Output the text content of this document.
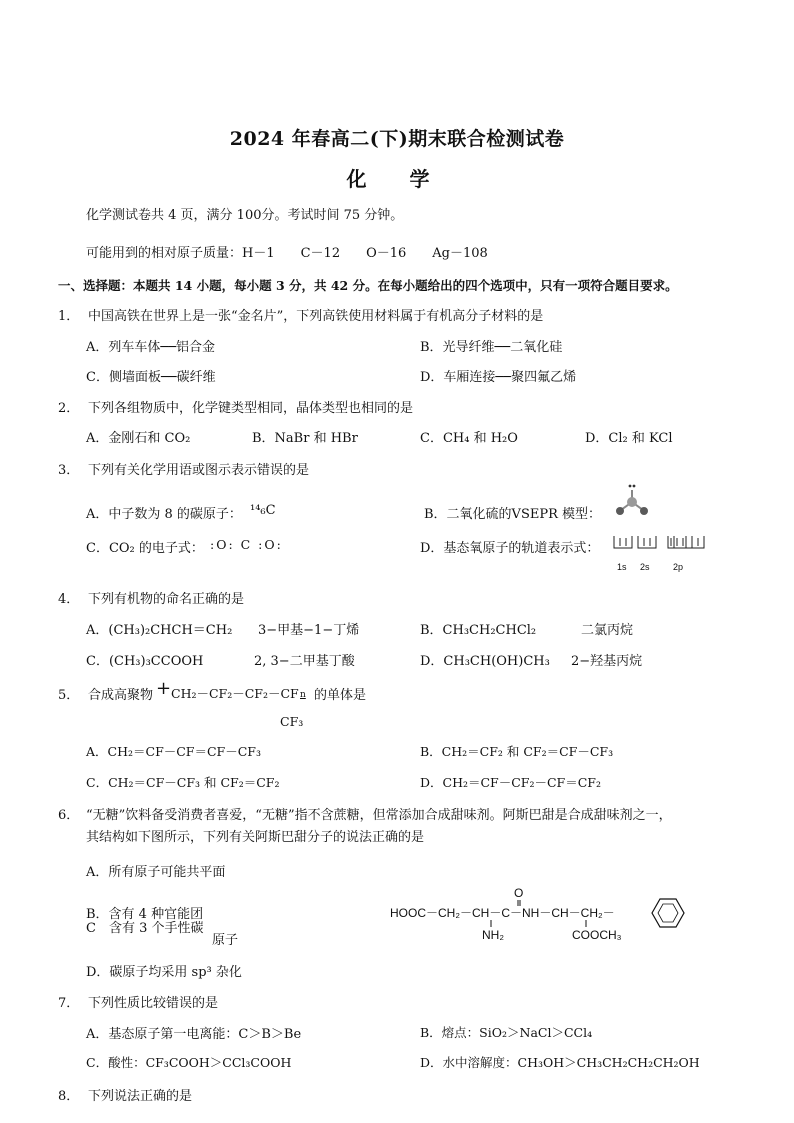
2024 年春高二(下)期末联合检测试卷
化 学
化学测试卷共 4 页，满分 100分。考试时间 75 分钟。
可能用到的相对原子质量：H－1　　C－12　　O－16　　Ag－108
一、选择题：本题共 14 小题，每小题 3 分，共 42 分。在每小题给出的四个选项中，只有一项符合题目要求。
1． 中国高铁在世界上是一张“金名片”，下列高铁使用材料属于有机高分子材料的是
A．列车车体──铝合金	B．光导纤维──二氧化硅
C．侧墙面板──碳纤维	D．车厢连接──聚四氟乙烯
2． 下列各组物质中，化学键类型相同，晶体类型也相同的是
A．金刚石和 CO₂	B．NaBr 和 HBr	C．CH₄ 和 H₂O	D．Cl₂ 和 KCl
3． 下列有关化学用语或图示表示错误的是
A．中子数为 8 的碳原子： ¹⁴₆C	B．二氧化硫的VSEPR 模型：
C．CO₂ 的电子式： :O: C :O:	D．基态氧原子的轨道表示式：
1s 2s	2p
4． 下列有机物的命名正确的是
A．(CH₃)₂CHCH＝CH₂ 3−甲基−1−丁烯	B．CH₃CH₂CHCl₂	二氯丙烷
C．(CH₃)₃CCOOH	2, 3−二甲基丁酸	D．CH₃CH(OH)CH₃ 2−羟基丙烷
5． 合成高聚物 + CH₂－CF₂－CF₂－CF n
CF₃
的单体是
A．CH₂＝CF－CF＝CF－CF₃	B．CH₂＝CF₂ 和 CF₂＝CF－CF₃
C．CH₂＝CF－CF₃ 和 CF₂＝CF₂	D．CH₂＝CF－CF₂－CF＝CF₂
6． “无糖”饮料备受消费者喜爱，“无糖”指不含蔗糖，但常添加合成甜味剂。阿斯巴甜是合成甜味剂之一，
其结构如下图所示，下列有关阿斯巴甜分子的说法正确的是
A．所有原子可能共平面
B．含有 4 种官能团
C　含有 3 个手性碳
原子
D．碳原子均采用 sp³ 杂化
HOOC－CH₂－CH－C－NH－CH－CH₂－
O
NH₂	COOCH₃
7． 下列性质比较错误的是
A．基态原子第一电离能：C＞B＞Be	B．熔点：SiO₂＞NaCl＞CCl₄
C．酸性：CF₃COOH＞CCl₃COOH	D．水中溶解度：CH₃OH＞CH₃CH₂CH₂CH₂OH
8． 下列说法正确的是
